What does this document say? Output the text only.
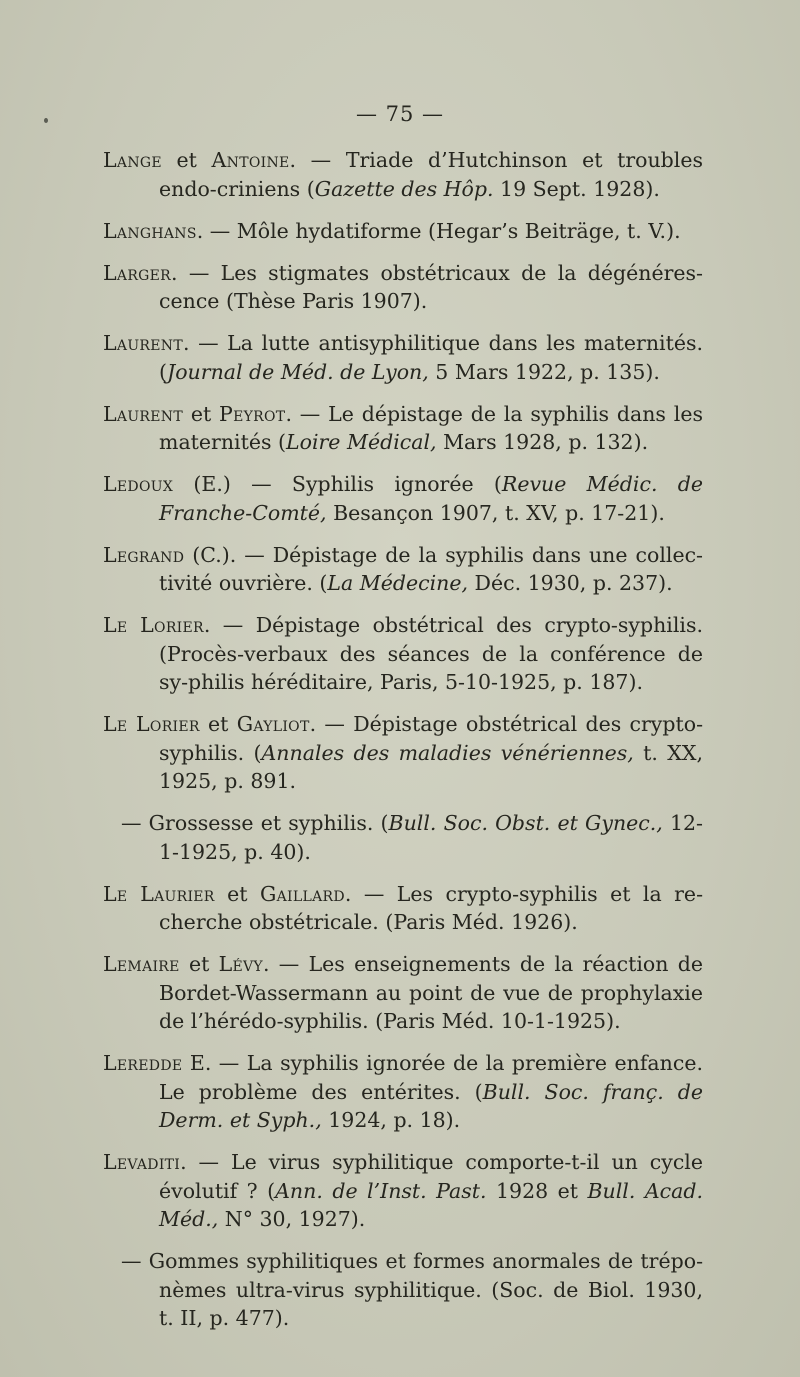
— 75 —
Lange et Antoine. — Triade d’Hutchinson et troubles endo-criniens (Gazette des Hôp. 19 Sept. 1928).
Langhans. — Môle hydatiforme (Hegar’s Beiträge, t. V.).
Larger. — Les stigmates obstétricaux de la dégénéres-cence (Thèse Paris 1907).
Laurent. — La lutte antisyphilitique dans les maternités. (Journal de Méd. de Lyon, 5 Mars 1922, p. 135).
Laurent et Peyrot. — Le dépistage de la syphilis dans les maternités (Loire Médical, Mars 1928, p. 132).
Ledoux (E.) — Syphilis ignorée (Revue Médic. de Franche-Comté, Besançon 1907, t. XV, p. 17-21).
Legrand (C.). — Dépistage de la syphilis dans une collec-tivité ouvrière. (La Médecine, Déc. 1930, p. 237).
Le Lorier. — Dépistage obstétrical des crypto-syphilis. (Procès-verbaux des séances de la conférence de sy-philis héréditaire, Paris, 5-10-1925, p. 187).
Le Lorier et Gayliot. — Dépistage obstétrical des crypto-syphilis. (Annales des maladies vénériennes, t. XX, 1925, p. 891.
— Grossesse et syphilis. (Bull. Soc. Obst. et Gynec., 12-1-1925, p. 40).
Le Laurier et Gaillard. — Les crypto-syphilis et la re-cherche obstétricale. (Paris Méd. 1926).
Lemaire et Lévy. — Les enseignements de la réaction de Bordet-Wassermann au point de vue de prophylaxie de l’hérédo-syphilis. (Paris Méd. 10-1-1925).
Leredde E. — La syphilis ignorée de la première enfance. Le problème des entérites. (Bull. Soc. franç. de Derm. et Syph., 1924, p. 18).
Levaditi. — Le virus syphilitique comporte-t-il un cycle évolutif ? (Ann. de l’Inst. Past. 1928 et Bull. Acad. Méd., N° 30, 1927).
— Gommes syphilitiques et formes anormales de trépo-nèmes ultra-virus syphilitique. (Soc. de Biol. 1930, t. II, p. 477).
